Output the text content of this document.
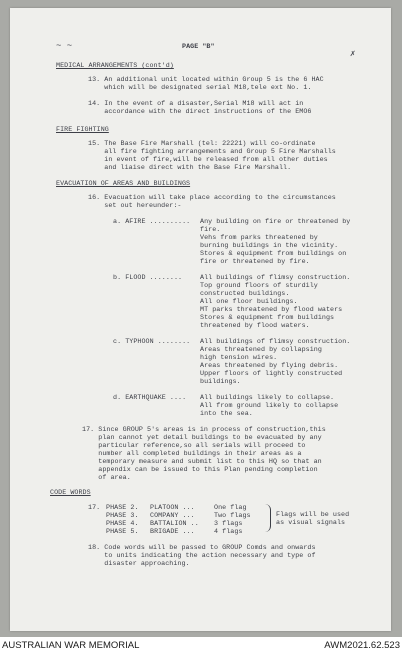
~ ~	PAGE "B"
✗
MEDICAL ARRANGEMENTS (cont'd)
13. An additional unit located within Group 5 is the 6 HAC
which will be designated serial M18,tele ext No. 1.
14. In the event of a disaster,Serial M18 will act in
accordance with the direct instructions of the EMO6
FIRE FIGHTING
15. The Base Fire Marshall (tel: 22221) will co-ordinate
all fire fighting arrangements and Group 5 Fire Marshalls
in event of fire,will be released from all other duties
and liaise direct with the Base Fire Marshall.
EVACUATION OF AREAS AND BUILDINGS
16. Evacuation will take place according to the circumstances
set out hereunder:-
a. AFIRE .......... Any building on fire or threatened by
fire.
Vehs from parks threatened by
burning buildings in the vicinity.
Stores & equipment from buildings on
fire or threatened by fire.
b. FLOOD ........	All buildings of flimsy construction.
Top ground floors of sturdily
constructed buildings.
All one floor buildings.
MT parks threatened by flood waters
Stores & equipment from buildings
threatened by flood waters.
c. TYPHOON ........ All buildings of flimsy construction.
Areas threatened by collapsing
high tension wires.
Areas threatened by flying debris.
Upper floors of lightly constructed
buildings.
d. EARTHQUAKE .... All buildings likely to collapse.
All from ground likely to collapse
into the sea.
17. Since GROUP 5's areas is in process of construction,this
plan cannot yet detail buildings to be evacuated by any
particular reference,so all serials will proceed to
number all completed buildings in their areas as a
temporary measure and submit list to this HQ so that an
appendix can be issued to this Plan pending completion
of area.
CODE WORDS
17. PHASE 2. PLATOON ...	One flag
PHASE 3. COMPANY ...	Two flags
PHASE 4. BATTALION .. 3 flags
PHASE 5. BRIGADE ...	4 flags
Flags will be used
as visual signals
18. Code words will be passed to GROUP Comds and onwards
to units indicating the action necessary and type of
disaster approaching.
AUSTRALIAN WAR MEMORIAL	AWM2021.62.523
